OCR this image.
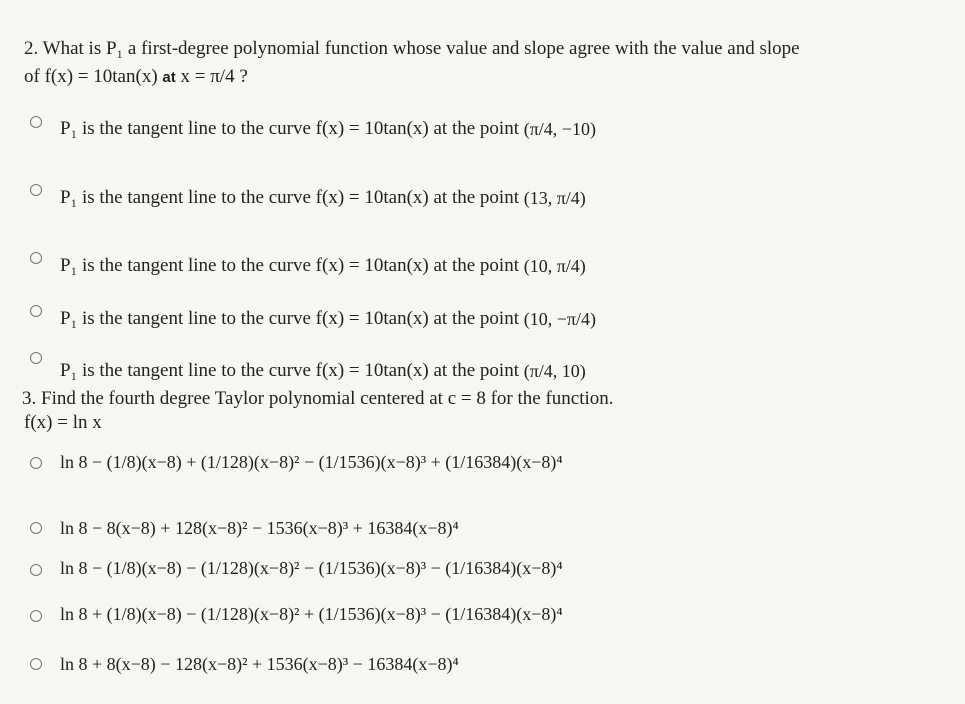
2. What is P₁ a first-degree polynomial function whose value and slope agree with the value and slope
of f(x) = 10tan(x) at x = π/4 ?
P₁ is the tangent line to the curve f(x) = 10tan(x) at the point (π/4, −10)
P₁ is the tangent line to the curve f(x) = 10tan(x) at the point (13, π/4)
P₁ is the tangent line to the curve f(x) = 10tan(x) at the point (10, π/4)
P₁ is the tangent line to the curve f(x) = 10tan(x) at the point (10, −π/4)
P₁ is the tangent line to the curve f(x) = 10tan(x) at the point (π/4, 10)
3. Find the fourth degree Taylor polynomial centered at c = 8 for the function.
f(x) = ln x
ln 8 − (1/8)(x−8) + (1/128)(x−8)² − (1/1536)(x−8)³ + (1/16384)(x−8)⁴
ln 8 − 8(x−8) + 128(x−8)² − 1536(x−8)³ + 16384(x−8)⁴
ln 8 − (1/8)(x−8) − (1/128)(x−8)² − (1/1536)(x−8)³ − (1/16384)(x−8)⁴
ln 8 + (1/8)(x−8) − (1/128)(x−8)² + (1/1536)(x−8)³ − (1/16384)(x−8)⁴
ln 8 + 8(x−8) − 128(x−8)² + 1536(x−8)³ − 16384(x−8)⁴
